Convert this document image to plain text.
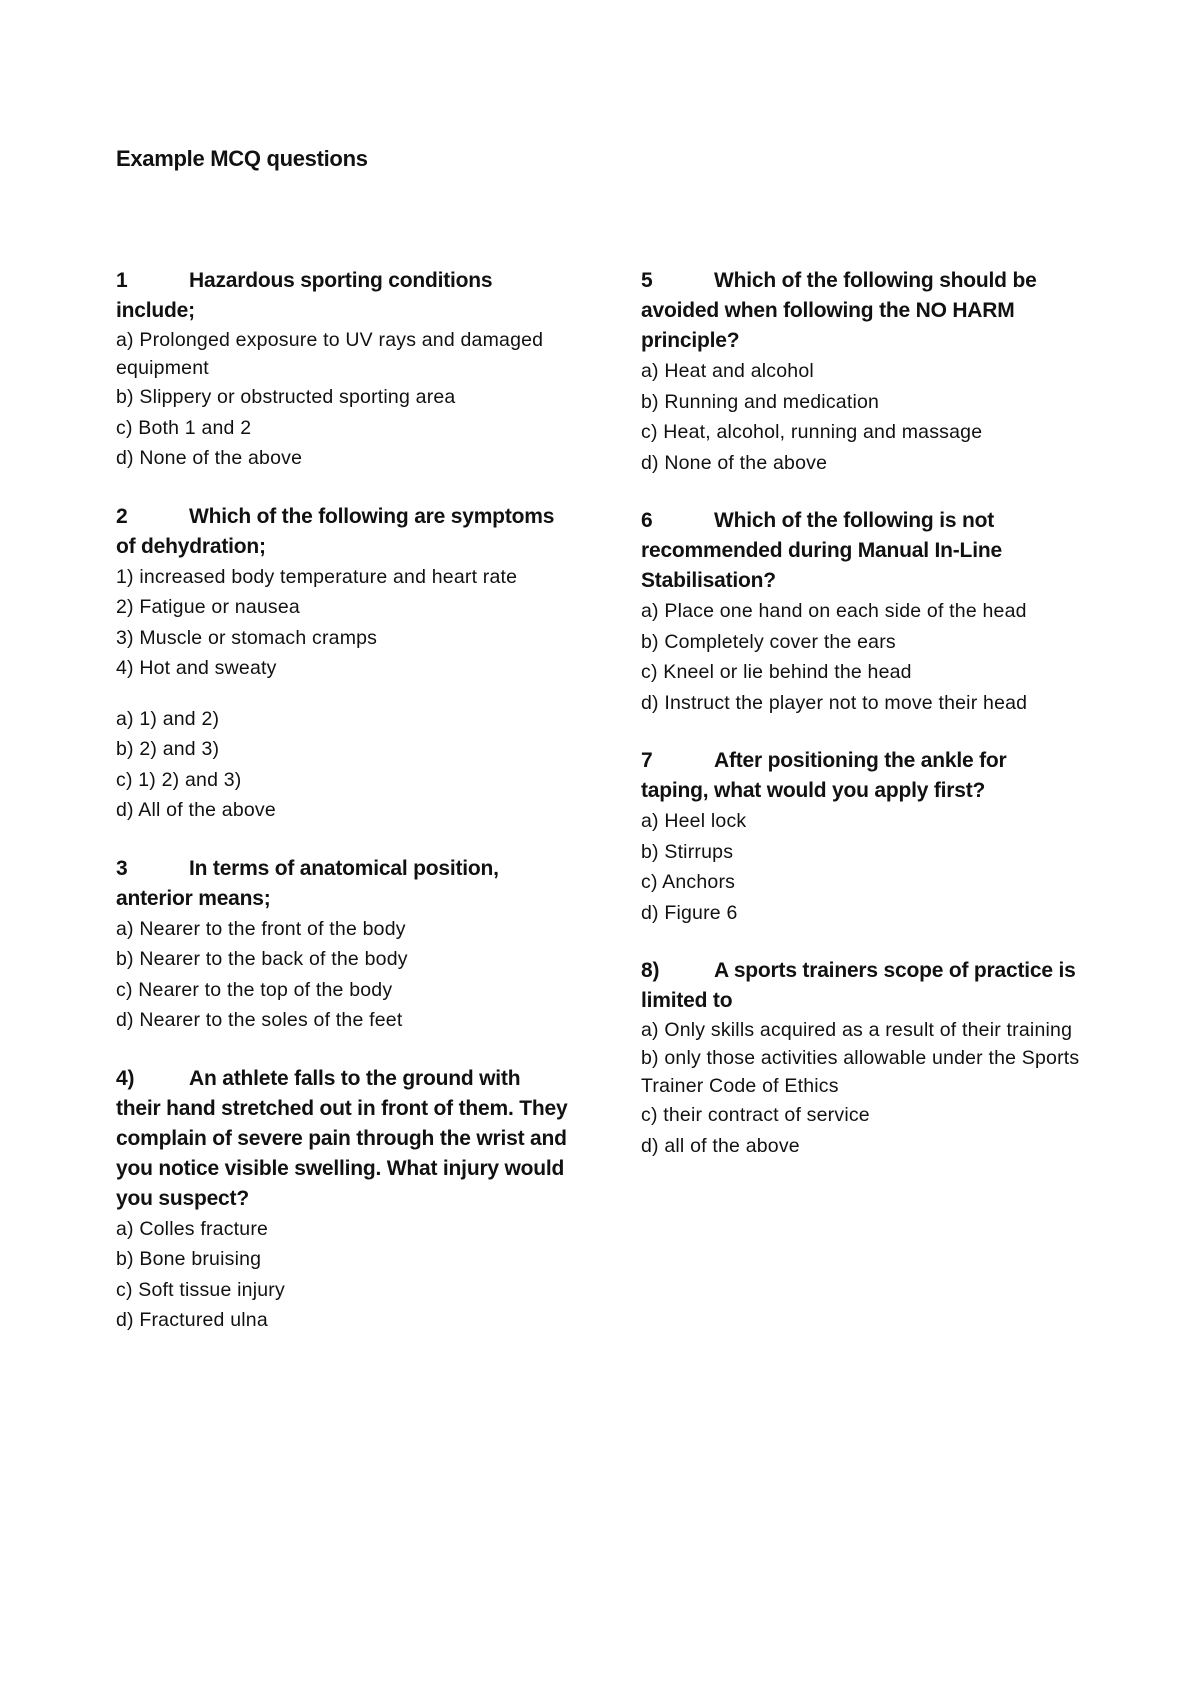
Example MCQ questions
1	Hazardous sporting conditions
include;
a) Prolonged exposure to UV rays and damaged equipment
b) Slippery or obstructed sporting area
c) Both 1 and 2
d) None of the above
2	Which of the following are symptoms
of dehydration;
1) increased body temperature and heart rate
2) Fatigue or nausea
3) Muscle or stomach cramps
4) Hot and sweaty
a) 1) and 2)
b) 2) and 3)
c) 1) 2) and 3)
d) All of the above
3	In terms of anatomical position,
anterior means;
a) Nearer to the front of the body
b) Nearer to the back of the body
c) Nearer to the top of the body
d) Nearer to the soles of the feet
4)	An athlete falls to the ground with
their hand stretched out in front of them. They complain of severe pain through the wrist and you notice visible swelling. What injury would you suspect?
a) Colles fracture
b) Bone bruising
c) Soft tissue injury
d) Fractured ulna
5	Which of the following should be
avoided when following the NO HARM principle?
a) Heat and alcohol
b) Running and medication
c) Heat, alcohol, running and massage
d) None of the above
6	Which of the following is not
recommended during Manual In-Line Stabilisation?
a) Place one hand on each side of the head
b) Completely cover the ears
c) Kneel or lie behind the head
d) Instruct the player not to move their head
7	After positioning the ankle for
taping, what would you apply first?
a) Heel lock
b) Stirrups
c) Anchors
d) Figure 6
8)	A sports trainers scope of practice is
limited to
a) Only skills acquired as a result of their training
b) only those activities allowable under the Sports Trainer Code of Ethics
c) their contract of service
d) all of the above
